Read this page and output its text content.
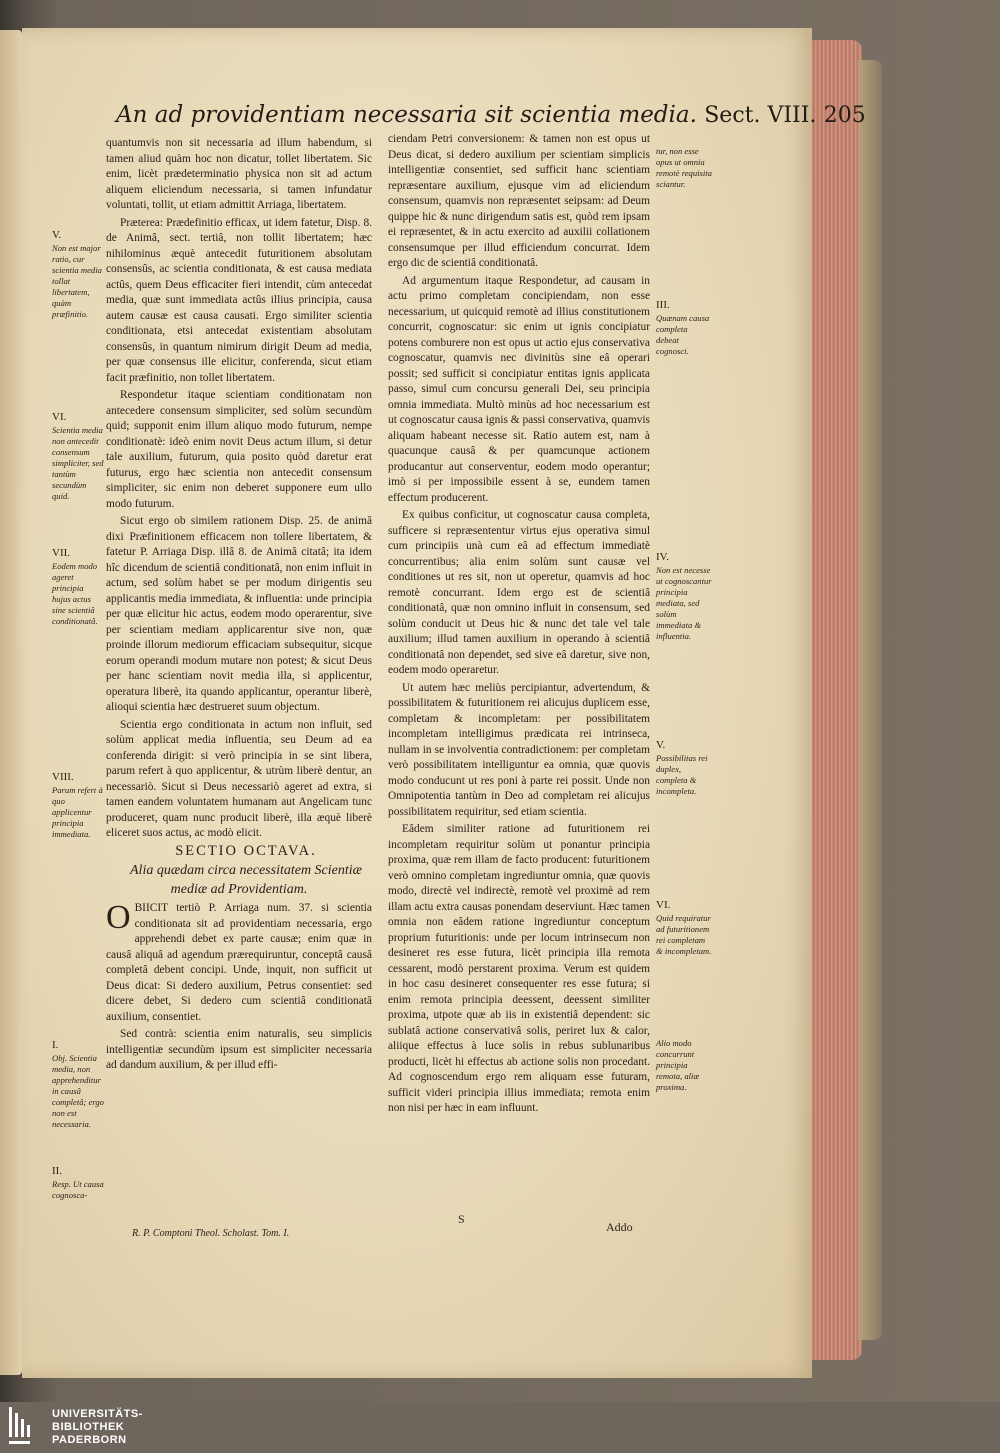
An ad providentiam necessaria sit scientia media. Sect. VIII. 205
V.
Non est major ratio, cur scientia media tollat libertatem, quàm præfinitio.
VI.
Scientia media non antecedit consensum simpliciter, sed tantùm secundùm quid.
VII.
Eodem modo ageret principia hujus actus sine scientiâ conditionatâ.
VIII.
Parum refert à quo applicentur principia immediata.
I.
Obj. Scientia media, non apprehenditur in causâ completâ; ergo non est necessaria.
II.
Resp. Ut causa cognosca-

quantumvis non sit necessaria ad illum habendum, si tamen aliud quàm hoc non dicatur, tollet libertatem. Sic enim, licèt prædeterminatio physica non sit ad actum aliquem eliciendum necessaria, si tamen infundatur voluntati, tollit, ut etiam admittit Arriaga, libertatem.

Præterea: Prædefinitio efficax, ut idem fatetur, Disp. 8. de Animâ, sect. tertiâ, non tollit libertatem; hæc nihilominus æquè antecedit futuritionem absolutam consensûs, ac scientia conditionata, & est causa mediata actûs, quem Deus efficaciter fieri intendit, cùm antecedat media, quæ sunt immediata actûs illius principia, causa autem causæ est causa causati. Ergo similiter scientia conditionata, etsi antecedat existentiam absolutam consensûs, in quantum nimirum dirigit Deum ad media, per quæ consensus ille elicitur, conferenda, sicut etiam facit præfinitio, non tollet libertatem.

Respondetur itaque scientiam conditionatam non antecedere consensum simpliciter, sed solùm secundùm quid; supponit enim illum aliquo modo futurum, nempe conditionatè: ideò enim novit Deus actum illum, si detur tale auxilium, futurum, quia posito quòd daretur erat futurus, ergo hæc scientia non antecedit consensum simpliciter, sic enim non deberet supponere eum ullo modo futurum.

Sicut ergo ob similem rationem Disp. 25. de animâ dixi Præfinitionem efficacem non tollere libertatem, & fatetur P. Arriaga Disp. illâ 8. de Animâ citatâ; ita idem hîc dicendum de scientiâ conditionatâ, non enim influit in actum, sed solùm habet se per modum dirigentis seu applicantis media immediata, & influentia: unde principia per quæ elicitur hic actus, eodem modo operarentur, sive per scientiam mediam applicarentur sive non, quæ proinde illorum mediorum efficaciam subsequitur, sicque eorum operandi modum mutare non potest; & sicut Deus per hanc scientiam novit media illa, si applicentur, operatura liberè, ita quando applicantur, operantur liberè, alioqui scientia hæc destrueret suum objectum.

Scientia ergo conditionata in actum non influit, sed solùm applicat media influentia, seu Deum ad ea conferenda dirigit: si verò principia in se sint libera, parum refert à quo applicentur, & utrùm liberè dentur, an necessariò. Sicut si Deus necessariò ageret ad extra, si tamen eandem voluntatem humanam aut Angelicam tunc produceret, quam nunc producit liberè, illa æquè liberè eliceret suos actus, ac modò elicit.

SECTIO OCTAVA.

Alia quædam circa necessitatem Scientiæ mediæ ad Providentiam.

OBIICIT tertiò P. Arriaga num. 37. si scientia conditionata sit ad providentiam necessaria, ergo apprehendi debet ex parte causæ; enim quæ in causâ aliquâ ad agendum prærequiruntur, conceptâ causâ completâ debent concipi. Unde, inquit, non sufficit ut Deus dicat: Si dedero auxilium, Petrus consentiet: sed dicere debet, Si dedero cum scientiâ conditionatâ auxilium, consentiet.

Sed contrà: scientia enim naturalis, seu simplicis intelligentiæ secundùm ipsum est simpliciter necessaria ad dandum auxilium, & per illud effi-

R. P. Comptoni Theol. Scholast. Tom. I.

ciendam Petri conversionem: & tamen non est opus ut Deus dicat, si dedero auxilium per scientiam simplicis intelligentiæ consentiet, sed sufficit hanc scientiam repræsentare auxilium, ejusque vim ad eliciendum consensum, quamvis non repræsentet seipsam: ad Deum quippe hic & nunc dirigendum satis est, quòd rem ipsam ei repræsentet, & in actu exercito ad auxilii collationem consensumque per illud efficiendum concurrat. Idem ergo dic de scientiâ conditionatâ.

Ad argumentum itaque Respondetur, ad causam in actu primo completam concipiendam, non esse necessarium, ut quicquid remotè ad illius constitutionem concurrit, cognoscatur: sic enim ut ignis concipiatur potens comburere non est opus ut actio ejus conservativa cognoscatur, quamvis nec divinitùs sine eâ operari possit; sed sufficit si concipiatur entitas ignis applicata passo, simul cum concursu generali Dei, seu principia omnia immediata. Multò minùs ad hoc necessarium est ut cognoscatur causa ignis & passi conservativa, quamvis aliquam habeant necesse sit. Ratio autem est, nam à quacunque causâ & per quamcunque actionem producantur aut conserventur, eodem modo operantur; imò si per impossibile essent à se, eundem tamen effectum producerent.

Ex quibus conficitur, ut cognoscatur causa completa, sufficere si repræsententur virtus ejus operativa simul cum principiis unà cum eâ ad effectum immediatè concurrentibus; alia enim solùm sunt causæ vel conditiones ut res sit, non ut operetur, quamvis ad hoc remotè concurrant. Idem ergo est de scientiâ conditionatâ, quæ non omnino influit in consensum, sed solùm conducit ut Deus hic & nunc det tale vel tale auxilium; illud tamen auxilium in operando à scientiâ conditionatâ non dependet, sed sive eâ daretur, sive non, eodem modo operaretur.

Ut autem hæc meliùs percipiantur, advertendum, & possibilitatem & futuritionem rei alicujus duplicem esse, completam & incompletam: per possibilitatem incompletam intelligimus prædicata rei intrinseca, nullam in se involventia contradictionem: per completam verò possibilitatem intelliguntur ea omnia, quæ quovis modo conducunt ut res poni à parte rei possit. Unde non Omnipotentia tantùm in Deo ad completam rei alicujus possibilitatem requiritur, sed etiam scientia.

Eâdem similiter ratione ad futuritionem rei incompletam requiritur solùm ut ponantur principia proxima, quæ rem illam de facto producent: futuritionem verò omnino completam ingrediuntur omnia, quæ quovis modo, directè vel indirectè, remotè vel proximè ad rem illam actu extra causas ponendam deserviunt. Hæc tamen omnia non eâdem ratione ingrediuntur conceptum proprium futuritionis: unde per locum intrinsecum non desineret res esse futura, licèt principia illa remota cessarent, modò perstarent proxima. Verum est quidem in hoc casu desineret consequenter res esse futura; si enim remota principia deessent, deessent similiter proxima, utpote quæ ab iis in existentiâ dependent: sic sublatâ actione conservativâ solis, periret lux & calor, aliique effectus à luce solis in rebus sublunaribus producti, licèt hi effectus ab actione solis non procedant. Ad cognoscendum ergo rem aliquam esse futuram, sufficit videri principia illius immediata; remota enim non nisi per hæc in eam influunt.

S
Addo
tur, non esse opus ut omnia remotè requisita sciantur.
III.
Quænam causa completa debeat cognosci.
IV.
Non est necesse ut cognoscantur principia mediata, sed solùm immediata & influentia.
V.
Possibilitas rei duplex, completa & incompleta.
VI.
Quid requiratur ad futuritionem rei completam & incompletam.
Alio modo concurrunt principia remota, aliæ proxima.
UNIVERSITÄTS-
BIBLIOTHEK
PADERBORN
